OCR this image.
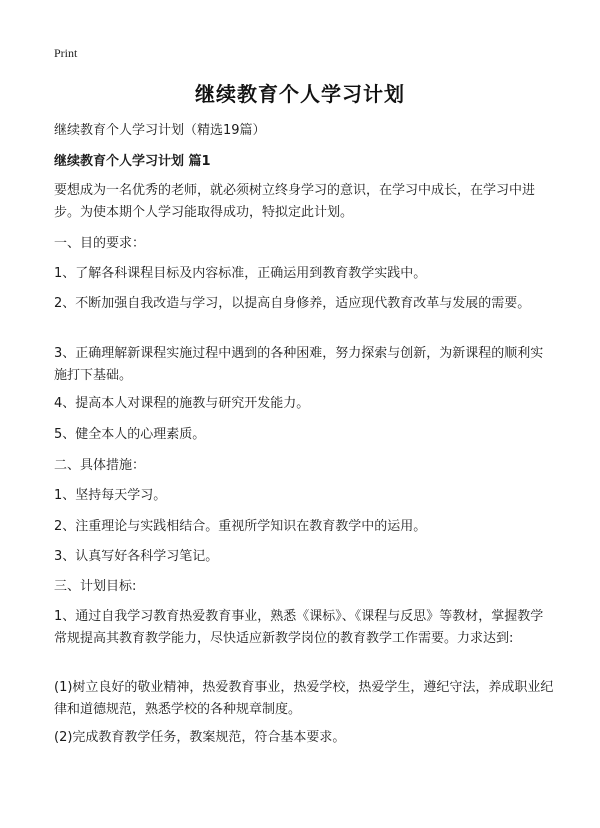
Print
继续教育个人学习计划
继续教育个人学习计划（精选19篇）
继续教育个人学习计划 篇1
要想成为一名优秀的老师，就必须树立终身学习的意识，在学习中成长，在学习中进步。为使本期个人学习能取得成功，特拟定此计划。
一、目的要求：
1、了解各科课程目标及内容标准，正确运用到教育教学实践中。
2、不断加强自我改造与学习，以提高自身修养，适应现代教育改革与发展的需要。
3、正确理解新课程实施过程中遇到的各种困难，努力探索与创新，为新课程的顺利实施打下基础。
4、提高本人对课程的施教与研究开发能力。
5、健全本人的心理素质。
二、具体措施：
1、坚持每天学习。
2、注重理论与实践相结合。重视所学知识在教育教学中的运用。
3、认真写好各科学习笔记。
三、计划目标:
1、通过自我学习教育热爱教育事业，熟悉《课标》、《课程与反思》等教材，掌握教学常规提高其教育教学能力，尽快适应新教学岗位的教育教学工作需要。力求达到:
(1)树立良好的敬业精神，热爱教育事业，热爱学校，热爱学生，遵纪守法，养成职业纪律和道德规范，熟悉学校的各种规章制度。
(2)完成教育教学任务，教案规范，符合基本要求。
